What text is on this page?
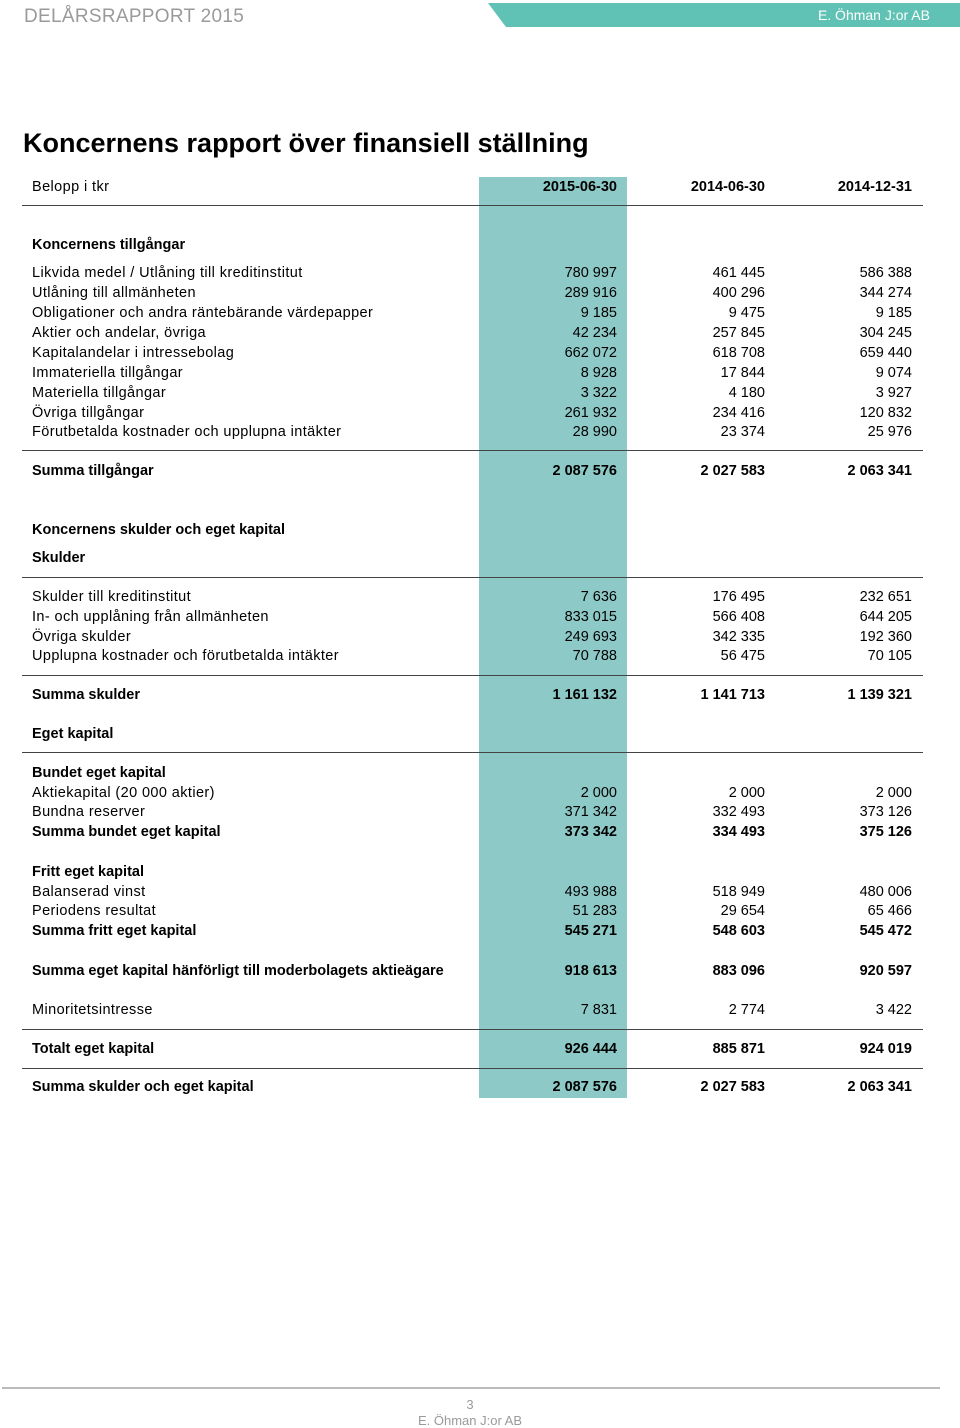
DELÅRSRAPPORT 2015	E. Öhman J:or AB
Koncernens rapport över finansiell ställning
Belopp i tkr	2015-06-30	2014-06-30	2014-12-31
Koncernens tillgångar
Likvida medel / Utlåning till kreditinstitut	780 997	461 445	586 388
Utlåning till allmänheten	289 916	400 296	344 274
Obligationer och andra räntebärande värdepapper	9 185	9 475	9 185
Aktier och andelar, övriga	42 234	257 845	304 245
Kapitalandelar i intressebolag	662 072	618 708	659 440
Immateriella tillgångar	8 928	17 844	9 074
Materiella tillgångar	3 322	4 180	3 927
Övriga tillgångar	261 932	234 416	120 832
Förutbetalda kostnader och upplupna intäkter	28 990	23 374	25 976
Summa tillgångar	2 087 576	2 027 583	2 063 341
Koncernens skulder och eget kapital
Skulder
Skulder till kreditinstitut	7 636	176 495	232 651
In- och upplåning från allmänheten	833 015	566 408	644 205
Övriga skulder	249 693	342 335	192 360
Upplupna kostnader och förutbetalda intäkter	70 788	56 475	70 105
Summa skulder	1 161 132	1 141 713	1 139 321
Eget kapital
Bundet eget kapital
Aktiekapital (20 000 aktier)	2 000	2 000	2 000
Bundna reserver	371 342	332 493	373 126
Summa bundet eget kapital	373 342	334 493	375 126
Fritt eget kapital
Balanserad vinst	493 988	518 949	480 006
Periodens resultat	51 283	29 654	65 466
Summa fritt eget kapital	545 271	548 603	545 472
Summa eget kapital hänförligt till moderbolagets aktieägare	918 613	883 096	920 597
Minoritetsintresse	7 831	2 774	3 422
Totalt eget kapital	926 444	885 871	924 019
Summa skulder och eget kapital	2 087 576	2 027 583	2 063 341
3
E. Öhman J:or AB
